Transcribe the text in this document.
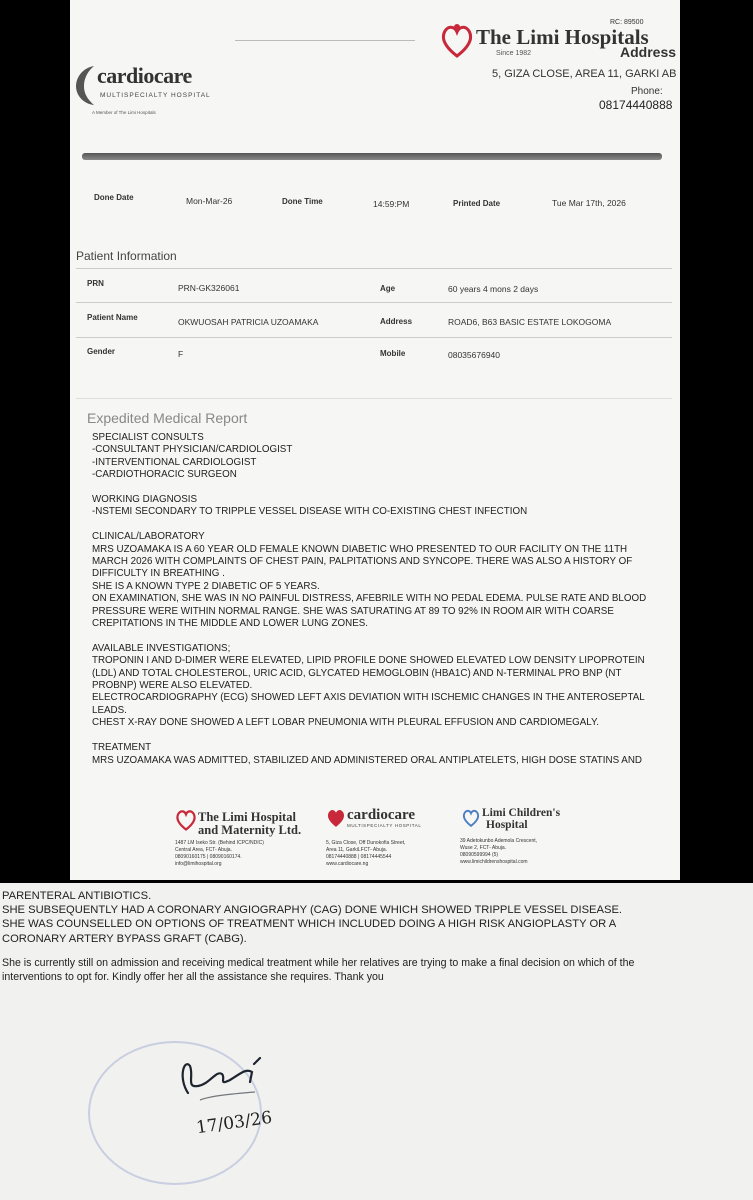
RC: 89500
The Limi Hospitals
Since 1982	Address
5, GIZA CLOSE, AREA 11, GARKI AB
Phone:
08174440888
cardiocare
MULTISPECIALTY HOSPITAL
A Member of The Limi Hospitals
Done Date	Mon-Mar-26	Done Time	14:59:PM	Printed Date	Tue Mar 17th, 2026
Patient Information
PRN	PRN-GK326061	Age	60 years 4 mons 2 days
Patient Name	OKWUOSAH PATRICIA UZOAMAKA	Address	ROAD6, B63 BASIC ESTATE LOKOGOMA
Gender	F	Mobile	08035676940
Expedited Medical Report
SPECIALIST CONSULTS
-CONSULTANT PHYSICIAN/CARDIOLOGIST
-INTERVENTIONAL CARDIOLOGIST
-CARDIOTHORACIC SURGEON
WORKING DIAGNOSIS
-NSTEMI SECONDARY TO TRIPPLE VESSEL DISEASE WITH CO-EXISTING CHEST INFECTION
CLINICAL/LABORATORY
MRS UZOAMAKA IS A 60 YEAR OLD FEMALE KNOWN DIABETIC WHO PRESENTED TO OUR FACILITY ON THE 11TH
MARCH 2026 WITH COMPLAINTS OF CHEST PAIN, PALPITATIONS AND SYNCOPE. THERE WAS ALSO A HISTORY OF
DIFFICULTY IN BREATHING .
SHE IS A KNOWN TYPE 2 DIABETIC OF 5 YEARS.
ON EXAMINATION, SHE WAS IN NO PAINFUL DISTRESS, AFEBRILE WITH NO PEDAL EDEMA. PULSE RATE AND BLOOD
PRESSURE WERE WITHIN NORMAL RANGE. SHE WAS SATURATING AT 89 TO 92% IN ROOM AIR WITH COARSE
CREPITATIONS IN THE MIDDLE AND LOWER LUNG ZONES.
AVAILABLE INVESTIGATIONS;
TROPONIN I AND D-DIMER WERE ELEVATED, LIPID PROFILE DONE SHOWED ELEVATED LOW DENSITY LIPOPROTEIN
(LDL) AND TOTAL CHOLESTEROL, URIC ACID, GLYCATED HEMOGLOBIN (HBA1C) AND N-TERMINAL PRO BNP (NT
PROBNP) WERE ALSO ELEVATED.
ELECTROCARDIOGRAPHY (ECG) SHOWED LEFT AXIS DEVIATION WITH ISCHEMIC CHANGES IN THE ANTEROSEPTAL
LEADS.
CHEST X-RAY DONE SHOWED A LEFT LOBAR PNEUMONIA WITH PLEURAL EFFUSION AND CARDIOMEGALY.
TREATMENT
MRS UZOAMAKA WAS ADMITTED, STABILIZED AND ADMINISTERED ORAL ANTIPLATELETS, HIGH DOSE STATINS AND
The Limi Hospital
and Maternity Ltd.
1487 LM Iseko Str. (Behind ICPC/NDIC)
Central Area, FCT- Abuja.
08090160175 | 08090160174.
info@limihospital.org
cardiocare
MULTISPECIALTY HOSPITAL
5, Giza Close, Off Dunokofia Street,
Area 11, GarkiLFCT- Abuja.
08174440888 | 08174445544
www.cardiocare.ng
Limi Children's
Hospital
39 Adetokunbo Ademola Crescent,
Wuse 2, FCT- Abuja.
08090599994 (5)
www.limichildrenshospital.com
PARENTERAL ANTIBIOTICS.
SHE SUBSEQUENTLY HAD A CORONARY ANGIOGRAPHY (CAG) DONE WHICH SHOWED TRIPPLE VESSEL DISEASE.
SHE WAS COUNSELLED ON OPTIONS OF TREATMENT WHICH INCLUDED DOING A HIGH RISK ANGIOPLASTY OR A
CORONARY ARTERY BYPASS GRAFT (CABG).
She is currently still on admission and receiving medical treatment while her relatives are trying to make a final decision on which of the
interventions to opt for. Kindly offer her all the assistance she requires. Thank you
17/03/26
